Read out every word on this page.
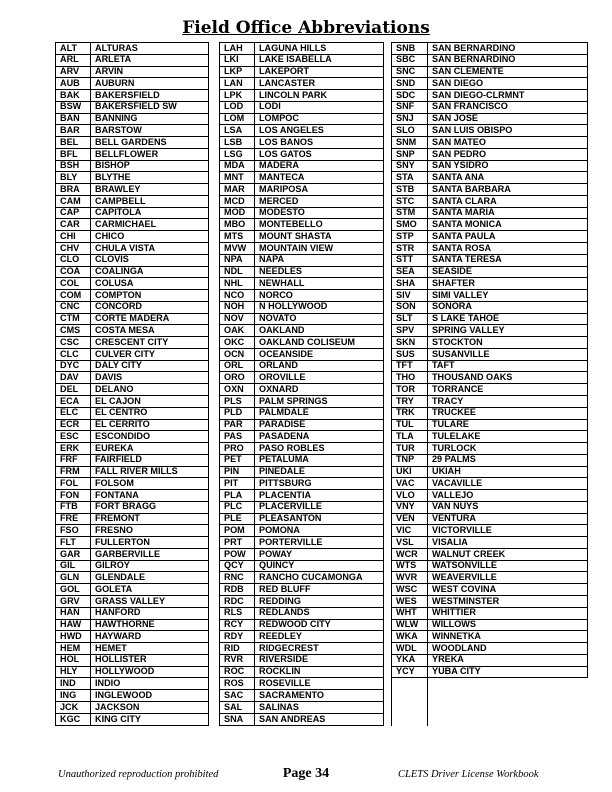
Field Office Abbreviations
ALT	ALTURAS		LAH	LAGUNA HILLS		SNB	SAN BERNARDINO
ARL	ARLETA		LKI	LAKE ISABELLA		SBC	SAN BERNARDINO
ARV	ARVIN		LKP	LAKEPORT		SNC	SAN CLEMENTE
AUB	AUBURN		LAN	LANCASTER		SND	SAN DIEGO
BAK	BAKERSFIELD		LPK	LINCOLN PARK		SDC	SAN DIEGO-CLRMNT
BSW	BAKERSFIELD SW		LOD	LODI		SNF	SAN FRANCISCO
BAN	BANNING		LOM	LOMPOC		SNJ	SAN JOSE
BAR	BARSTOW		LSA	LOS ANGELES		SLO	SAN LUIS OBISPO
BEL	BELL GARDENS		LSB	LOS BANOS		SNM	SAN MATEO
BFL	BELLFLOWER		LSG	LOS GATOS		SNP	SAN PEDRO
BSH	BISHOP		MDA	MADERA		SNY	SAN YSIDRO
BLY	BLYTHE		MNT	MANTECA		STA	SANTA ANA
BRA	BRAWLEY		MAR	MARIPOSA		STB	SANTA BARBARA
CAM	CAMPBELL		MCD	MERCED		STC	SANTA CLARA
CAP	CAPITOLA		MOD	MODESTO		STM	SANTA MARIA
CAR	CARMICHAEL		MBO	MONTEBELLO		SMO	SANTA MONICA
CHI	CHICO		MTS	MOUNT SHASTA		STP	SANTA PAULA
CHV	CHULA VISTA		MVW	MOUNTAIN VIEW		STR	SANTA ROSA
CLO	CLOVIS		NPA	NAPA		STT	SANTA TERESA
COA	COALINGA		NDL	NEEDLES		SEA	SEASIDE
COL	COLUSA		NHL	NEWHALL		SHA	SHAFTER
COM	COMPTON		NCO	NORCO		SIV	SIMI VALLEY
CNC	CONCORD		NOH	N HOLLYWOOD		SON	SONORA
CTM	CORTE MADERA		NOV	NOVATO		SLT	S LAKE TAHOE
CMS	COSTA MESA		OAK	OAKLAND		SPV	SPRING VALLEY
CSC	CRESCENT CITY		OKC	OAKLAND COLISEUM		SKN	STOCKTON
CLC	CULVER CITY		OCN	OCEANSIDE		SUS	SUSANVILLE
DYC	DALY CITY		ORL	ORLAND		TFT	TAFT
DAV	DAVIS		ORO	OROVILLE		THO	THOUSAND OAKS
DEL	DELANO		OXN	OXNARD		TOR	TORRANCE
ECA	EL CAJON		PLS	PALM SPRINGS		TRY	TRACY
ELC	EL CENTRO		PLD	PALMDALE		TRK	TRUCKEE
ECR	EL CERRITO		PAR	PARADISE		TUL	TULARE
ESC	ESCONDIDO		PAS	PASADENA		TLA	TULELAKE
ERK	EUREKA		PRO	PASO ROBLES		TUR	TURLOCK
FRF	FAIRFIELD		PET	PETALUMA		TNP	29 PALMS
FRM	FALL RIVER MILLS		PIN	PINEDALE		UKI	UKIAH
FOL	FOLSOM		PIT	PITTSBURG		VAC	VACAVILLE
FON	FONTANA		PLA	PLACENTIA		VLO	VALLEJO
FTB	FORT BRAGG		PLC	PLACERVILLE		VNY	VAN NUYS
FRE	FREMONT		PLE	PLEASANTON		VEN	VENTURA
FSO	FRESNO		POM	POMONA		VIC	VICTORVILLE
FLT	FULLERTON		PRT	PORTERVILLE		VSL	VISALIA
GAR	GARBERVILLE		POW	POWAY		WCR	WALNUT CREEK
GIL	GILROY		QCY	QUINCY		WTS	WATSONVILLE
GLN	GLENDALE		RNC	RANCHO CUCAMONGA		WVR	WEAVERVILLE
GOL	GOLETA		RDB	RED BLUFF		WSC	WEST COVINA
GRV	GRASS VALLEY		RDC	REDDING		WES	WESTMINSTER
HAN	HANFORD		RLS	REDLANDS		WHT	WHITTIER
HAW	HAWTHORNE		RCY	REDWOOD CITY		WLW	WILLOWS
HWD	HAYWARD		RDY	REEDLEY		WKA	WINNETKA
HEM	HEMET		RID	RIDGECREST		WDL	WOODLAND
HOL	HOLLISTER		RVR	RIVERSIDE		YKA	YREKA
HLY	HOLLYWOOD		ROC	ROCKLIN		YCY	YUBA CITY
IND	INDIO		ROS	ROSEVILLE			
ING	INGLEWOOD		SAC	SACRAMENTO			
JCK	JACKSON		SAL	SALINAS			
KGC	KING CITY		SNA	SAN ANDREAS			
Unauthorized reproduction prohibited	Page 34	CLETS Driver License Workbook
